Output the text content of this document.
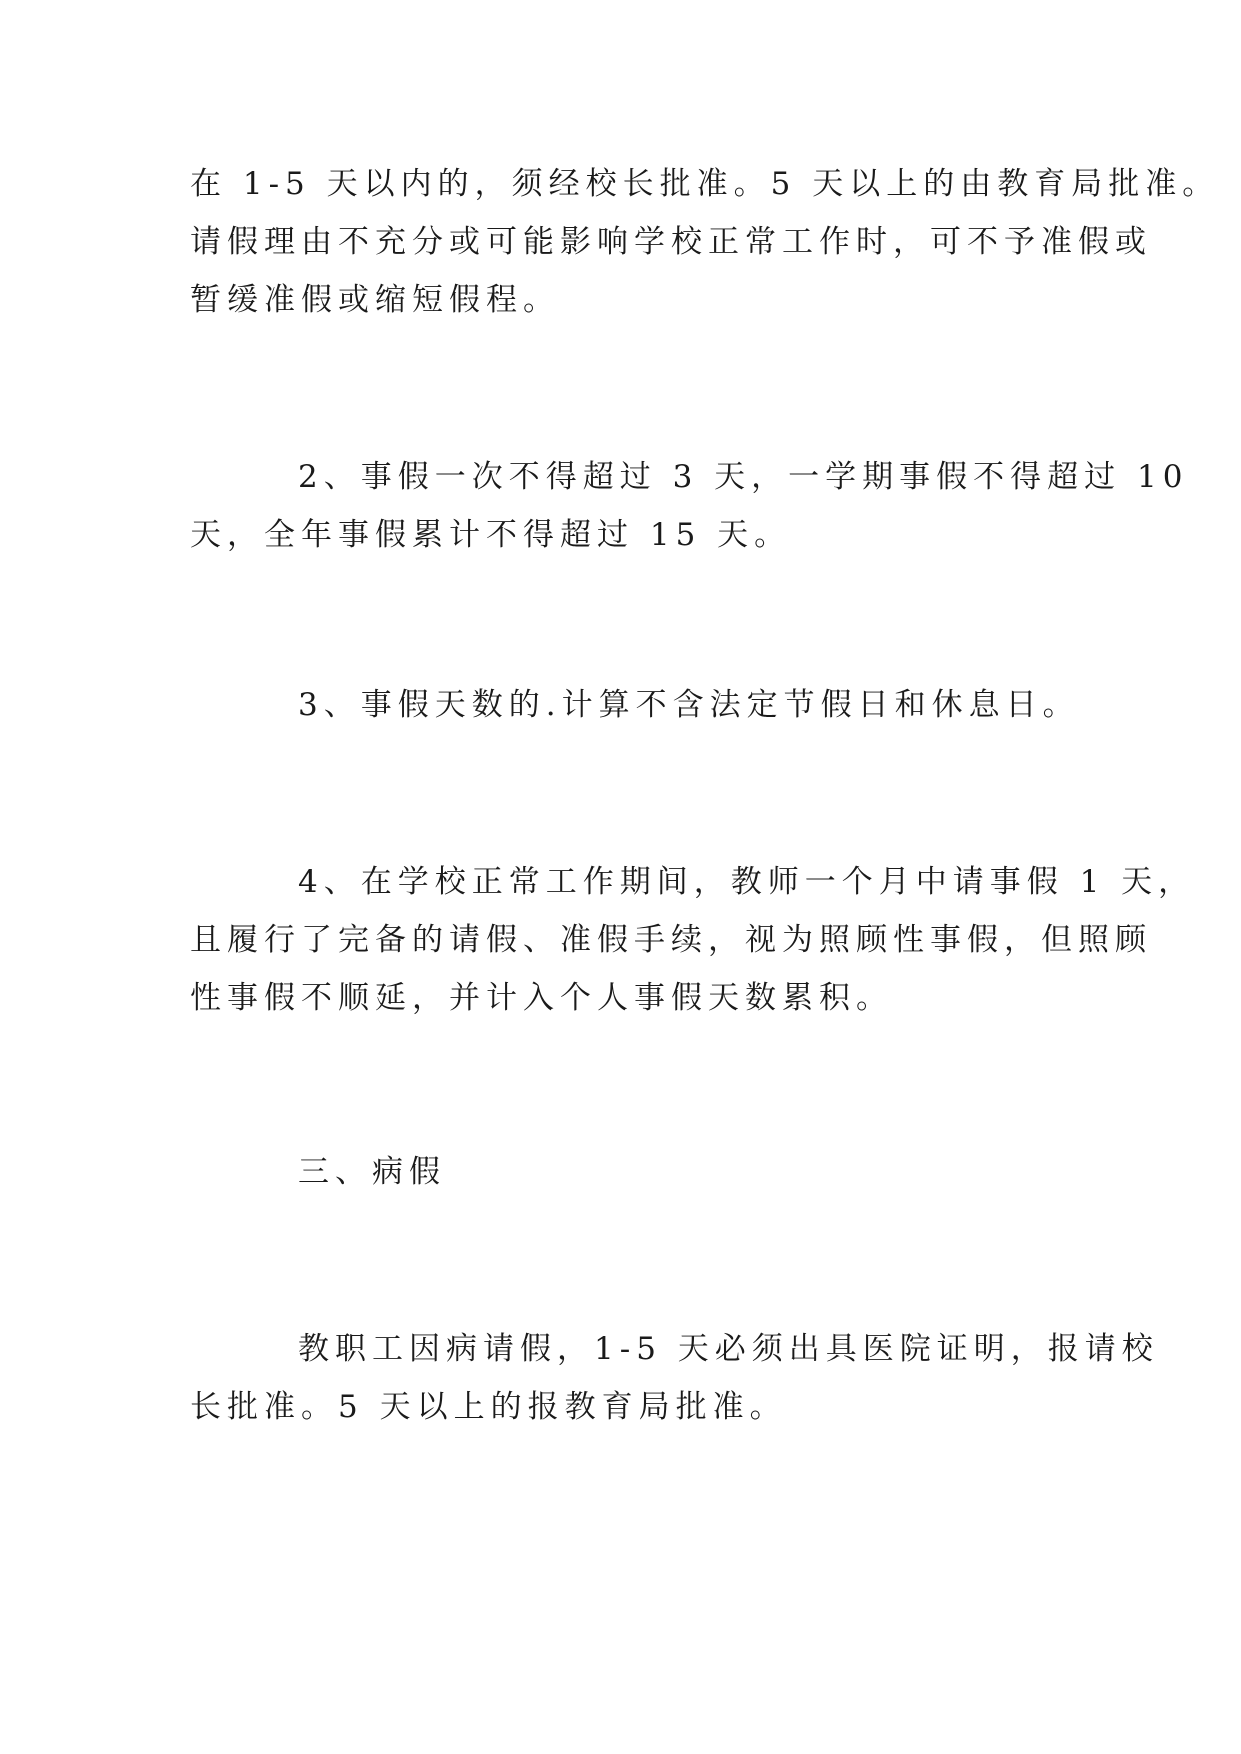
在 1-5 天以内的，须经校长批准。5 天以上的由教育局批准。
请假理由不充分或可能影响学校正常工作时，可不予准假或
暂缓准假或缩短假程。
2、事假一次不得超过 3 天，一学期事假不得超过 10
天，全年事假累计不得超过 15 天。
3、事假天数的.计算不含法定节假日和休息日。
4、在学校正常工作期间，教师一个月中请事假 1 天，
且履行了完备的请假、准假手续，视为照顾性事假，但照顾
性事假不顺延，并计入个人事假天数累积。
三、病假
教职工因病请假，1-5 天必须出具医院证明，报请校
长批准。5 天以上的报教育局批准。
